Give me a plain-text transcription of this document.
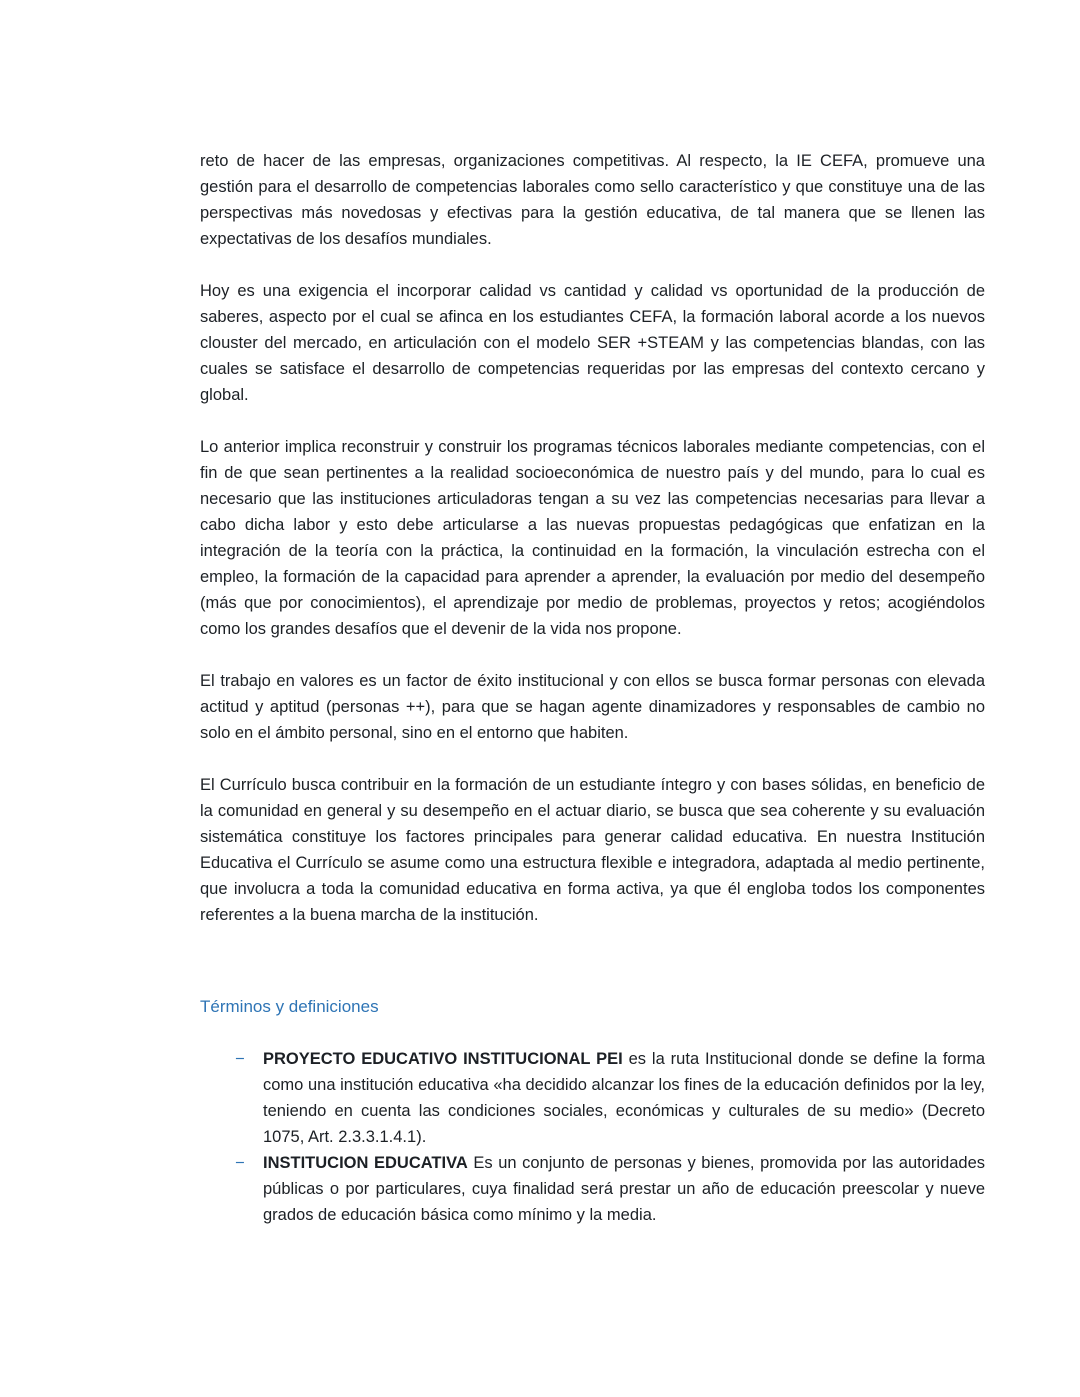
reto de hacer de las empresas, organizaciones competitivas. Al respecto, la IE CEFA, promueve una gestión para el desarrollo de competencias laborales como sello característico y que constituye una de las perspectivas más novedosas y efectivas para la gestión educativa, de tal manera que se llenen las expectativas de los desafíos mundiales.

Hoy es una exigencia el incorporar calidad vs cantidad y calidad vs oportunidad de la producción de saberes, aspecto por el cual se afinca en los estudiantes CEFA, la formación laboral acorde a los nuevos clouster del mercado, en articulación con el modelo SER +STEAM y las competencias blandas, con las cuales se satisface el desarrollo de competencias requeridas por las empresas del contexto cercano y global.

Lo anterior implica reconstruir y construir los programas técnicos laborales mediante competencias, con el fin de que sean pertinentes a la realidad socioeconómica de nuestro país y del mundo, para lo cual es necesario que las instituciones articuladoras tengan a su vez las competencias necesarias para llevar a cabo dicha labor y esto debe articularse a las nuevas propuestas pedagógicas que enfatizan en la integración de la teoría con la práctica, la continuidad en la formación, la vinculación estrecha con el empleo, la formación de la capacidad para aprender a aprender, la evaluación por medio del desempeño (más que por conocimientos), el aprendizaje por medio de problemas, proyectos y retos; acogiéndolos como los grandes desafíos que el devenir de la vida nos propone.

El trabajo en valores es un factor de éxito institucional y con ellos se busca formar personas con elevada actitud y aptitud (personas ++), para que se hagan agente dinamizadores y responsables de cambio no solo en el ámbito personal, sino en el entorno que habiten.

El Currículo busca contribuir en la formación de un estudiante íntegro y con bases sólidas, en beneficio de la comunidad en general y su desempeño en el actuar diario, se busca que sea coherente y su evaluación sistemática constituye los factores principales para generar calidad educativa. En nuestra Institución Educativa el Currículo se asume como una estructura flexible e integradora, adaptada al medio pertinente, que involucra a toda la comunidad educativa en forma activa, ya que él engloba todos los componentes referentes a la buena marcha de la institución.

Términos y definiciones
−	PROYECTO EDUCATIVO INSTITUCIONAL PEI es la ruta Institucional donde se define la forma como una institución educativa «ha decidido alcanzar los fines de la educación definidos por la ley, teniendo en cuenta las condiciones sociales, económicas y culturales de su medio» (Decreto 1075, Art. 2.3.3.1.4.1).
−	INSTITUCION EDUCATIVA Es un conjunto de personas y bienes, promovida por las autoridades públicas o por particulares, cuya finalidad será prestar un año de educación preescolar y nueve grados de educación básica como mínimo y la media.
